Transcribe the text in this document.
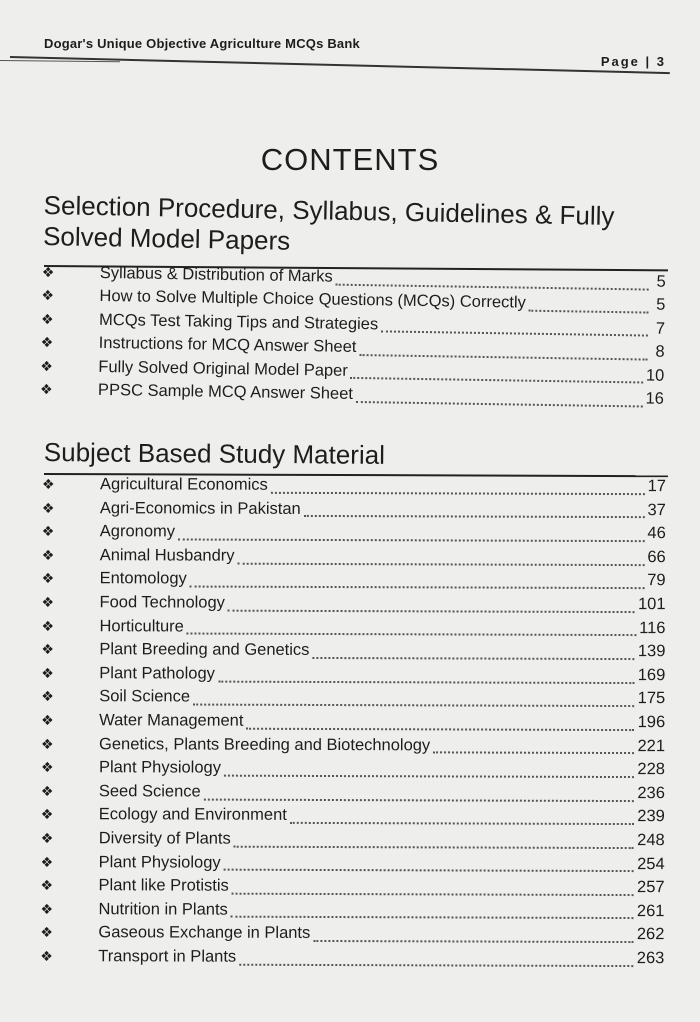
Dogar's Unique Objective Agriculture MCQs Bank
Page | 3
CONTENTS
Selection Procedure, Syllabus, Guidelines & Fully
Solved Model Papers
❖	Syllabus & Distribution of Marks	5
❖	How to Solve Multiple Choice Questions (MCQs) Correctly	5
❖	MCQs Test Taking Tips and Strategies	7
❖	Instructions for MCQ Answer Sheet	8
❖	Fully Solved Original Model Paper	10
❖	PPSC Sample MCQ Answer Sheet	16
Subject Based Study Material
❖	Agricultural Economics	17
❖	Agri-Economics in Pakistan	37
❖	Agronomy	46
❖	Animal Husbandry	66
❖	Entomology	79
❖	Food Technology	101
❖	Horticulture	116
❖	Plant Breeding and Genetics	139
❖	Plant Pathology	169
❖	Soil Science	175
❖	Water Management	196
❖	Genetics, Plants Breeding and Biotechnology	221
❖	Plant Physiology	228
❖	Seed Science	236
❖	Ecology and Environment	239
❖	Diversity of Plants	248
❖	Plant Physiology	254
❖	Plant like Protistis	257
❖	Nutrition in Plants	261
❖	Gaseous Exchange in Plants	262
❖	Transport in Plants	263
